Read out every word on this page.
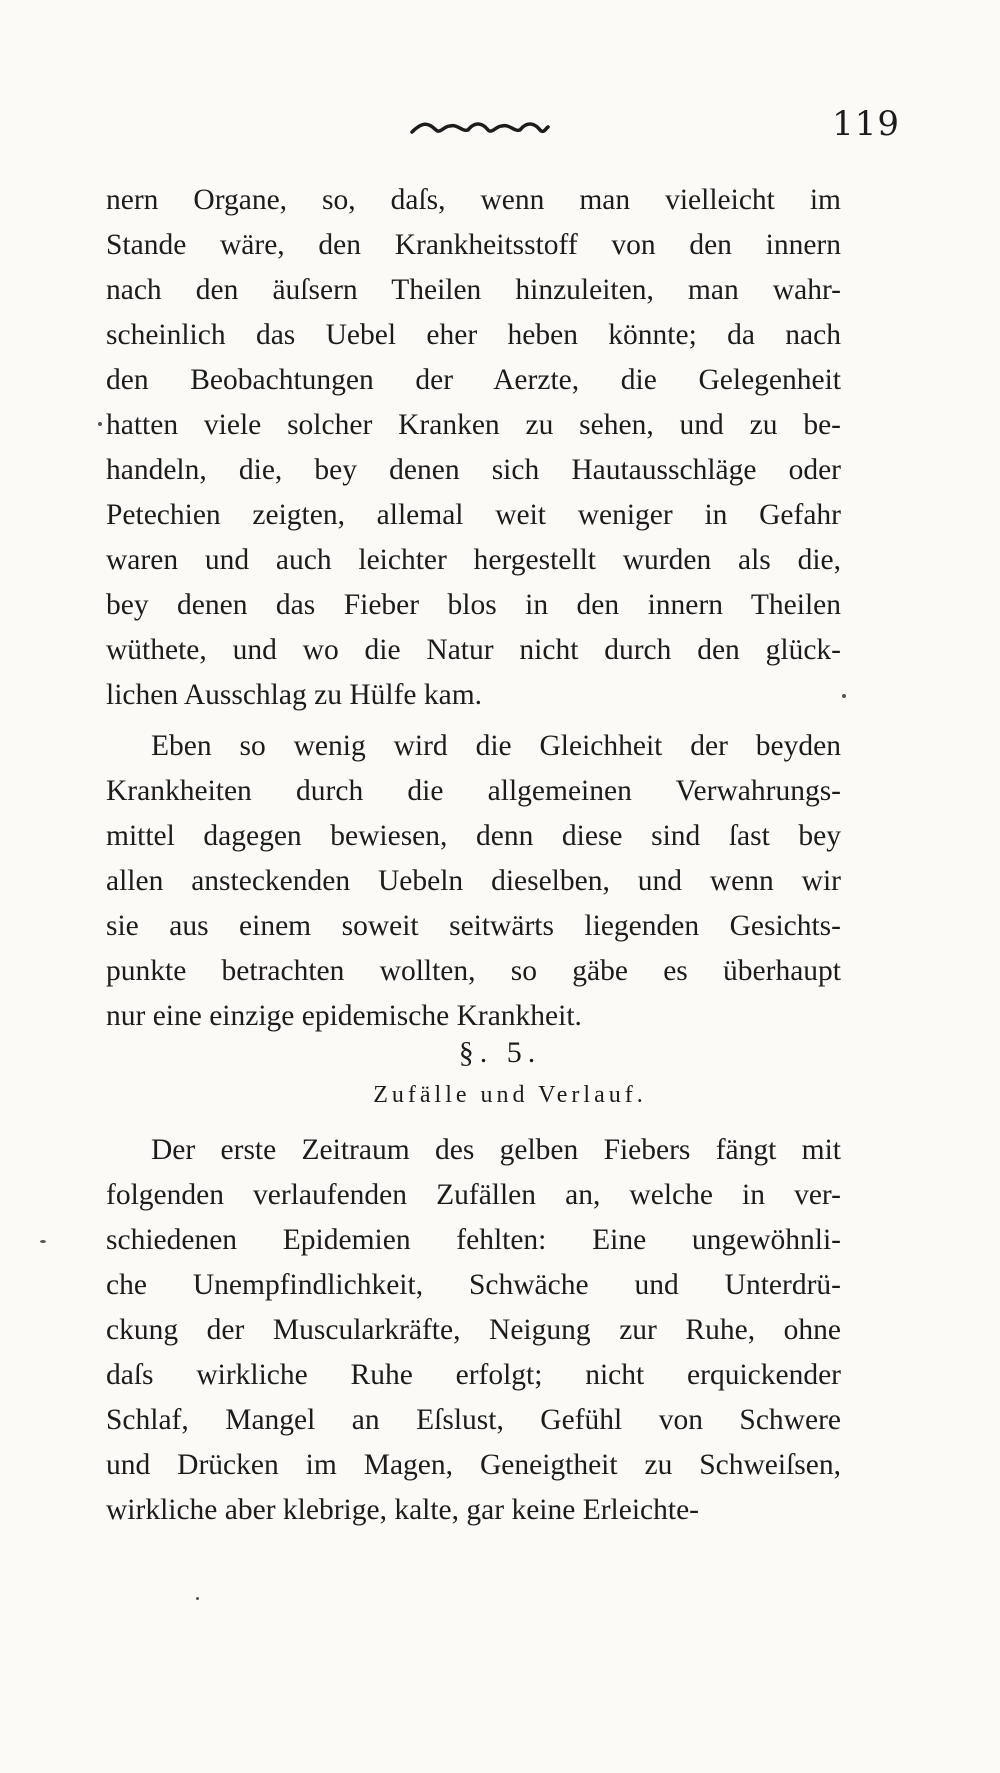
119
nern Organe, so, daſs, wenn man vielleicht im
Stande wäre, den Krankheitsstoff von den innern
nach den äuſsern Theilen hinzuleiten, man wahr-
scheinlich das Uebel eher heben könnte; da nach
den Beobachtungen der Aerzte, die Gelegenheit
hatten viele solcher Kranken zu sehen, und zu be-
handeln, die, bey denen sich Hautausschläge oder
Petechien zeigten, allemal weit weniger in Gefahr
waren und auch leichter hergestellt wurden als die,
bey denen das Fieber blos in den innern Theilen
wüthete, und wo die Natur nicht durch den glück-
lichen Ausschlag zu Hülfe kam.
Eben so wenig wird die Gleichheit der beyden
Krankheiten durch die allgemeinen Verwahrungs-
mittel dagegen bewiesen, denn diese sind ſast bey
allen ansteckenden Uebeln dieselben, und wenn wir
sie aus einem soweit seitwärts liegenden Gesichts-
punkte betrachten wollten, so gäbe es überhaupt
nur eine einzige epidemische Krankheit.
§. 5.
Zufälle und Verlauf.
Der erste Zeitraum des gelben Fiebers fängt mit
folgenden verlaufenden Zufällen an, welche in ver-
schiedenen Epidemien fehlten: Eine ungewöhnli-
che Unempfindlichkeit, Schwäche und Unterdrü-
ckung der Muscularkräfte, Neigung zur Ruhe, ohne
daſs wirkliche Ruhe erfolgt; nicht erquickender
Schlaf, Mangel an Eſslust, Gefühl von Schwere
und Drücken im Magen, Geneigtheit zu Schweiſsen,
wirkliche aber klebrige, kalte, gar keine Erleichte-
